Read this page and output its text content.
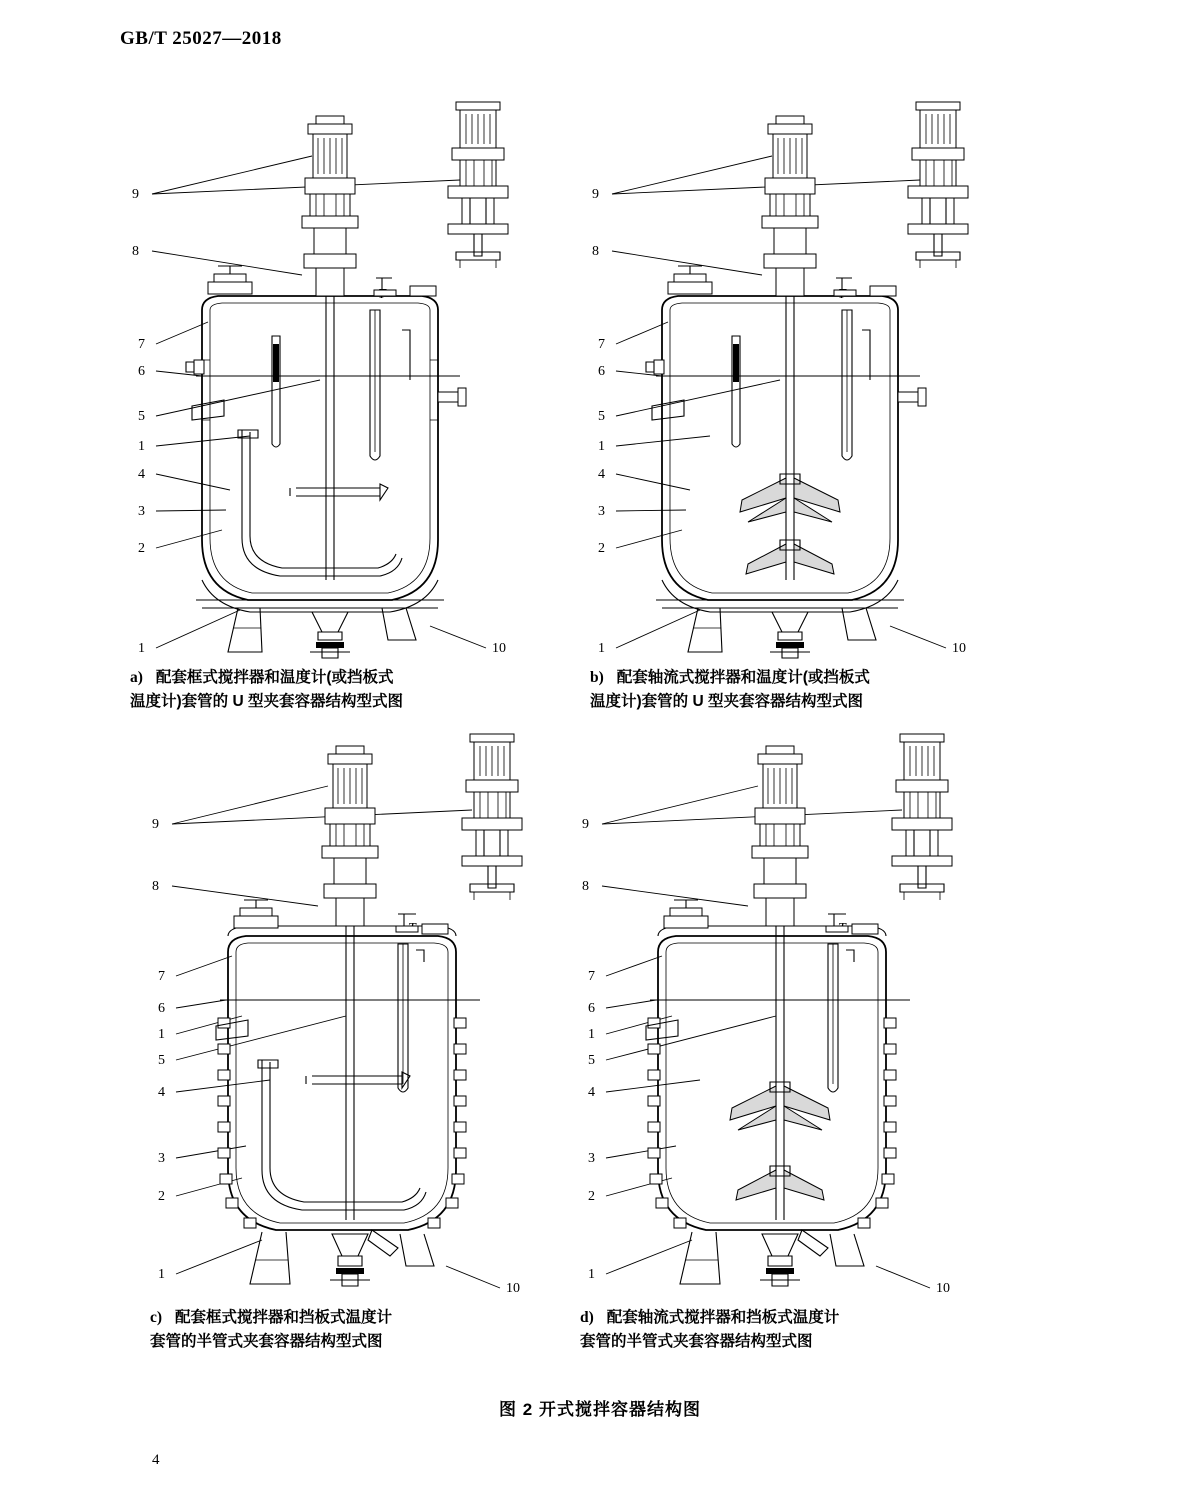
GB/T 25027—2018
9
8
7
6
5
1
4
3
2
1	10
a) 配套框式搅拌器和温度计(或挡板式
温度计)套管的 U 型夹套容器结构型式图
9
8
7
6
5
1
4
3
2
1	10
b) 配套轴流式搅拌器和温度计(或挡板式
温度计)套管的 U 型夹套容器结构型式图
9
8
7
6
1
5
4
3
2
1
10
c) 配套框式搅拌器和挡板式温度计
套管的半管式夹套容器结构型式图
9
8
7
6
1
5
4
3
2
1
10
d) 配套轴流式搅拌器和挡板式温度计
套管的半管式夹套容器结构型式图
图 2 开式搅拌容器结构图
4
